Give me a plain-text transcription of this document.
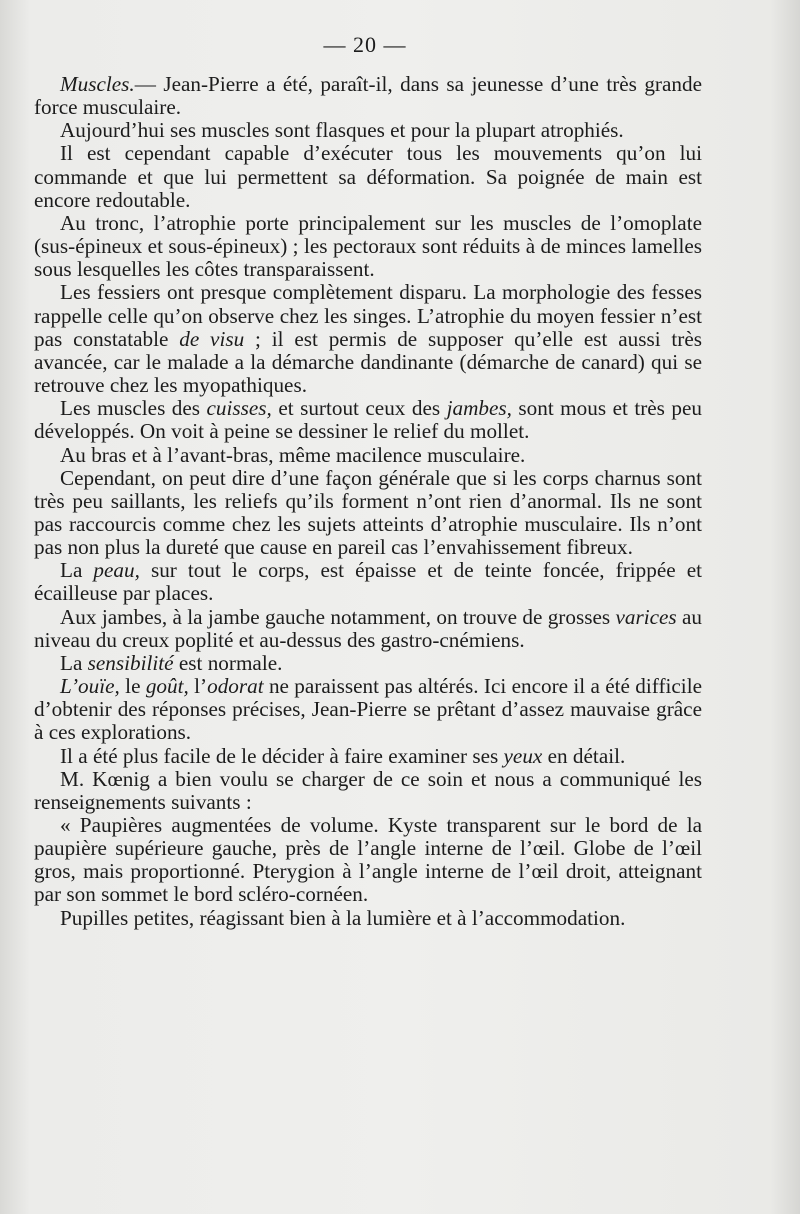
— 20 —

Muscles.— Jean-Pierre a été, paraît-il, dans sa jeunesse d’une très grande force musculaire.

Aujourd’hui ses muscles sont flasques et pour la plupart atrophiés.

Il est cependant capable d’exécuter tous les mouvements qu’on lui commande et que lui permettent sa déformation. Sa poignée de main est encore redoutable.

Au tronc, l’atrophie porte principalement sur les muscles de l’omoplate (sus-épineux et sous-épineux) ; les pectoraux sont réduits à de minces lamelles sous lesquelles les côtes transparaissent.

Les fessiers ont presque complètement disparu. La morphologie des fesses rappelle celle qu’on observe chez les singes. L’atrophie du moyen fessier n’est pas constatable de visu ; il est permis de supposer qu’elle est aussi très avancée, car le malade a la démarche dandinante (démarche de canard) qui se retrouve chez les myopathiques.

Les muscles des cuisses, et surtout ceux des jambes, sont mous et très peu développés. On voit à peine se dessiner le relief du mollet.

Au bras et à l’avant-bras, même macilence musculaire.

Cependant, on peut dire d’une façon générale que si les corps charnus sont très peu saillants, les reliefs qu’ils forment n’ont rien d’anormal. Ils ne sont pas raccourcis comme chez les sujets atteints d’atrophie musculaire. Ils n’ont pas non plus la dureté que cause en pareil cas l’envahissement fibreux.

La peau, sur tout le corps, est épaisse et de teinte foncée, frippée et écailleuse par places.

Aux jambes, à la jambe gauche notamment, on trouve de grosses varices au niveau du creux poplité et au-dessus des gastro-cnémiens.

La sensibilité est normale.

L’ouïe, le goût, l’odorat ne paraissent pas altérés. Ici encore il a été difficile d’obtenir des réponses précises, Jean-Pierre se prêtant d’assez mauvaise grâce à ces explorations.

Il a été plus facile de le décider à faire examiner ses yeux en détail.

M. Kœnig a bien voulu se charger de ce soin et nous a communiqué les renseignements suivants :

« Paupières augmentées de volume. Kyste transparent sur le bord de la paupière supérieure gauche, près de l’angle interne de l’œil. Globe de l’œil gros, mais proportionné. Pterygion à l’angle interne de l’œil droit, atteignant par son sommet le bord scléro-cornéen.

Pupilles petites, réagissant bien à la lumière et à l’accommodation.
